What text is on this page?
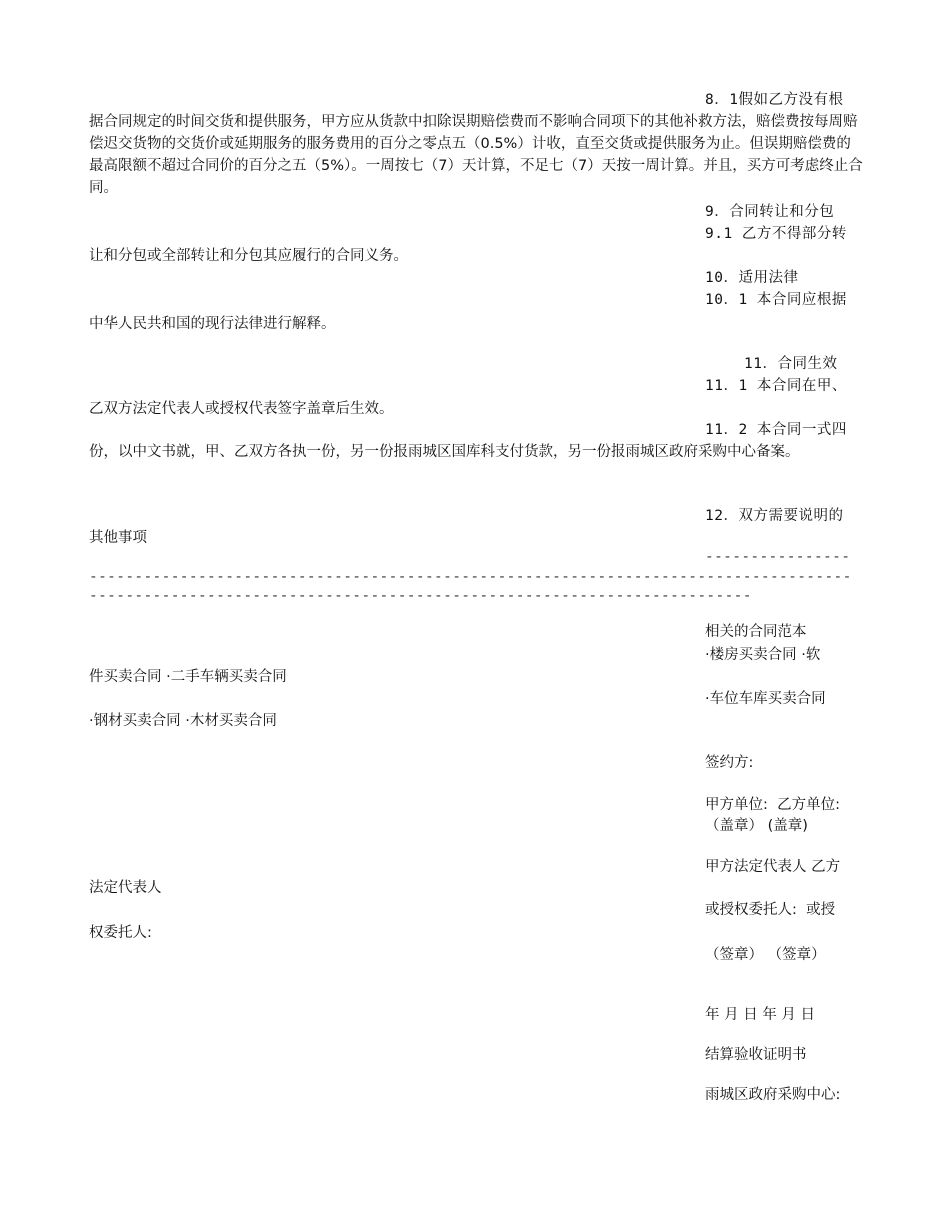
8．1假如乙方没有根
据合同规定的时间交货和提供服务，甲方应从货款中扣除误期赔偿费而不影响合同项下的其他补救方法，赔偿费按每周赔偿迟交货物的交货价或延期服务的服务费用的百分之零点五（0.5%）计收，直至交货或提供服务为止。但误期赔偿费的最高限额不超过合同价的百分之五（5%）。一周按七（7）天计算，不足七（7）天按一周计算。并且，买方可考虑终止合同。
9．合同转让和分包
9.1 乙方不得部分转
让和分包或全部转让和分包其应履行的合同义务。
10．适用法律
10．1 本合同应根据
中华人民共和国的现行法律进行解释。
11．合同生效
11．1 本合同在甲、
乙双方法定代表人或授权代表签字盖章后生效。
11．2 本合同一式四
份，以中文书就，甲、乙双方各执一份，另一份报雨城区国库科支付货款，另一份报雨城区政府采购中心备案。
12．双方需要说明的
其他事项
----------------
------------------------------------------------------------------------------------
-------------------------------------------------------------------------
相关的合同范本
·楼房买卖合同 ·软
件买卖合同 ·二手车辆买卖合同
·车位车库买卖合同
·钢材买卖合同 ·木材买卖合同
签约方:
甲方单位:  乙方单位:
（盖章） (盖章)
甲方法定代表人 乙方
法定代表人
或授权委托人:  或授
权委托人:
（签章） （签章）
年 月 日 年 月 日
结算验收证明书
雨城区政府采购中心:
